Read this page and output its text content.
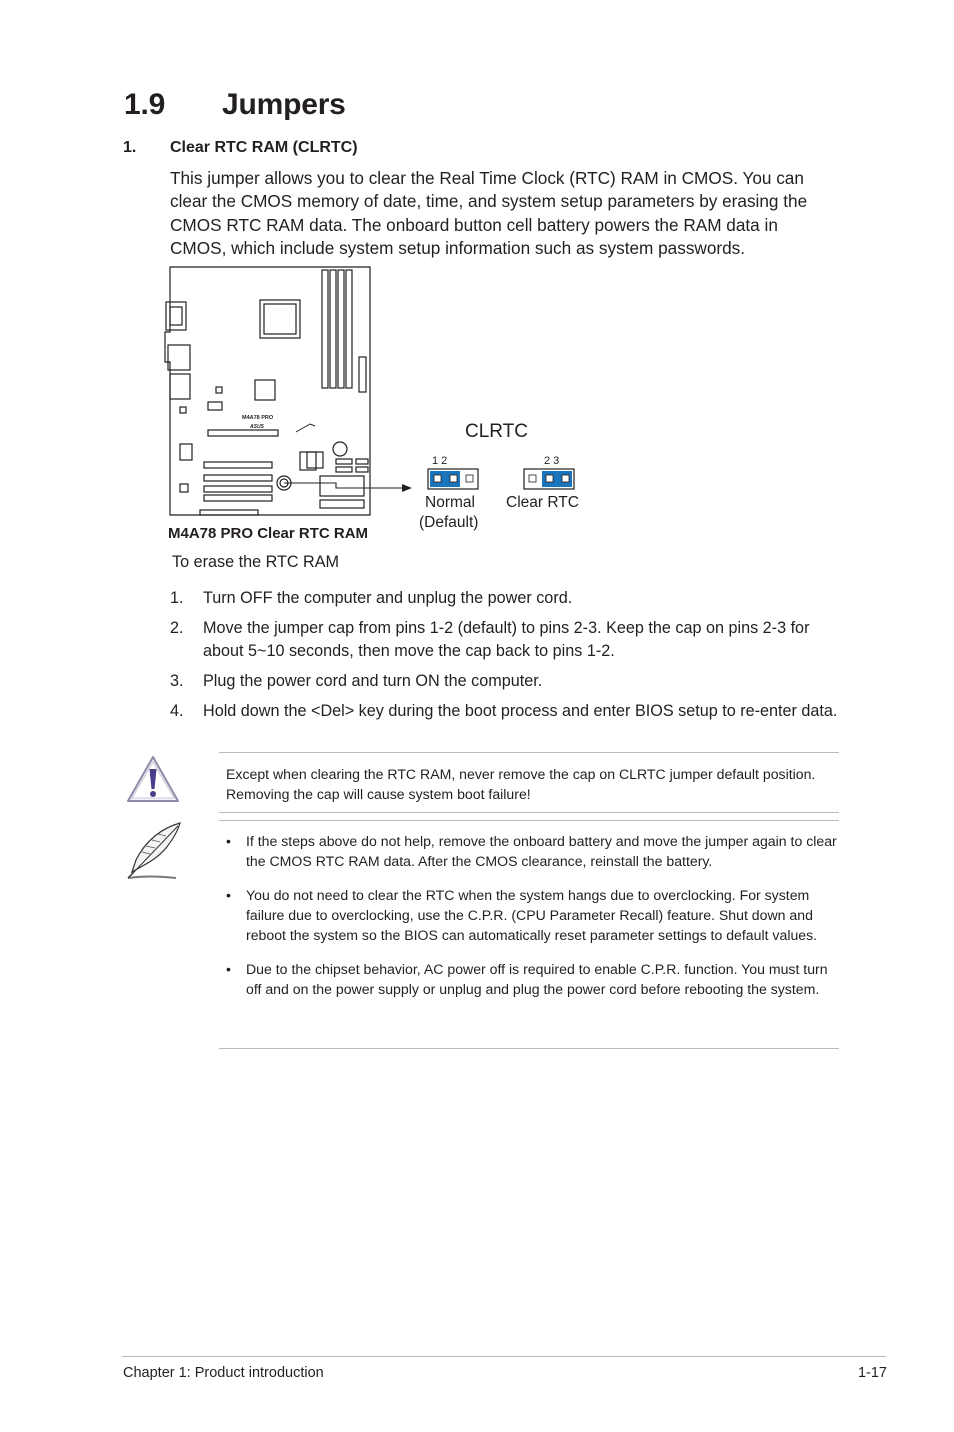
1.9 Jumpers
1. Clear RTC RAM (CLRTC)
This jumper allows you to clear the Real Time Clock (RTC) RAM in CMOS. You can clear the CMOS memory of date, time, and system setup parameters by erasing the CMOS RTC RAM data. The onboard button cell battery powers the RAM data in CMOS, which include system setup information such as system passwords.
M4A78 PRO
ASUS	CLRTC
1 2
Normal
(Default)
2 3
Clear RTC
M4A78 PRO Clear RTC RAM
To erase the RTC RAM
1. Turn OFF the computer and unplug the power cord.
2. Move the jumper cap from pins 1-2 (default) to pins 2-3. Keep the cap on pins 2-3 for about 5~10 seconds, then move the cap back to pins 1-2.
3. Plug the power cord and turn ON the computer.
4. Hold down the <Del> key during the boot process and enter BIOS setup to re-enter data.
Except when clearing the RTC RAM, never remove the cap on CLRTC jumper default position. Removing the cap will cause system boot failure!
• If the steps above do not help, remove the onboard battery and move the jumper again to clear the CMOS RTC RAM data. After the CMOS clearance, reinstall the battery.
• You do not need to clear the RTC when the system hangs due to overclocking. For system failure due to overclocking, use the C.P.R. (CPU Parameter Recall) feature. Shut down and reboot the system so the BIOS can automatically reset parameter settings to default values.
• Due to the chipset behavior, AC power off is required to enable C.P.R. function. You must turn off and on the power supply or unplug and plug the power cord before rebooting the system.
Chapter 1: Product introduction	1-17
